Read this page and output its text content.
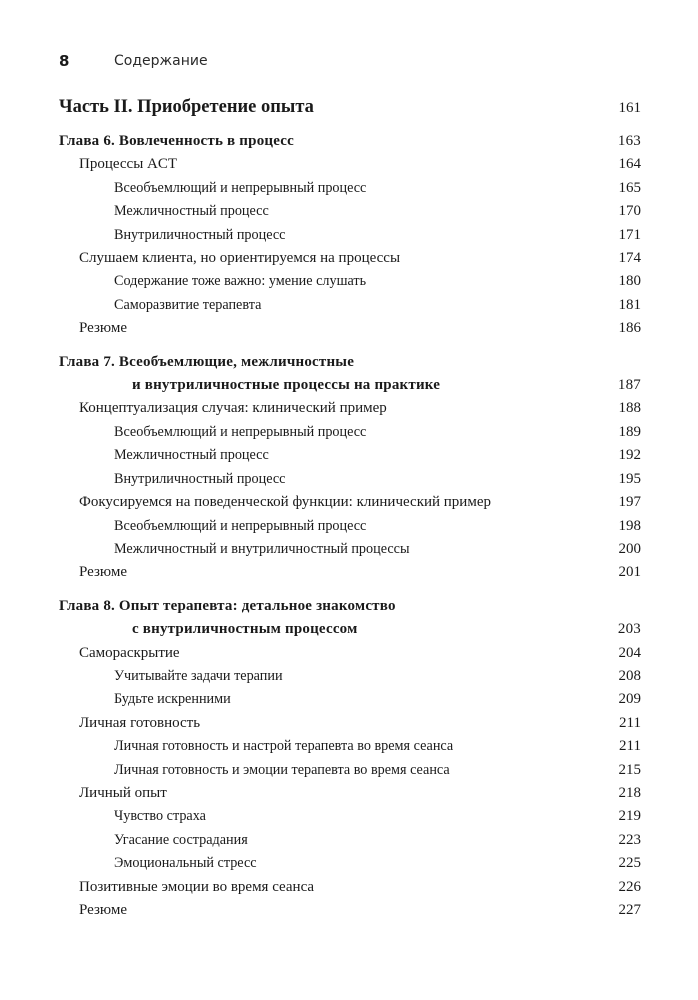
8	Содержание
Часть II. Приобретение опыта	161
Глава 6. Вовлеченность в процесс	163
Процессы ACT	164
Всеобъемлющий и непрерывный процесс	165
Межличностный процесс	170
Внутриличностный процесс	171
Слушаем клиента, но ориентируемся на процессы	174
Содержание тоже важно: умение слушать	180
Саморазвитие терапевта	181
Резюме	186
Глава 7. Всеобъемлющие, межличностные
и внутриличностные процессы на практике	187
Концептуализация случая: клинический пример	188
Всеобъемлющий и непрерывный процесс	189
Межличностный процесс	192
Внутриличностный процесс	195
Фокусируемся на поведенческой функции: клинический пример	197
Всеобъемлющий и непрерывный процесс	198
Межличностный и внутриличностный процессы	200
Резюме	201
Глава 8. Опыт терапевта: детальное знакомство
с внутриличностным процессом	203
Самораскрытие	204
Учитывайте задачи терапии	208
Будьте искренними	209
Личная готовность	211
Личная готовность и настрой терапевта во время сеанса	211
Личная готовность и эмоции терапевта во время сеанса	215
Личный опыт	218
Чувство страха	219
Угасание сострадания	223
Эмоциональный стресс	225
Позитивные эмоции во время сеанса	226
Резюме	227
